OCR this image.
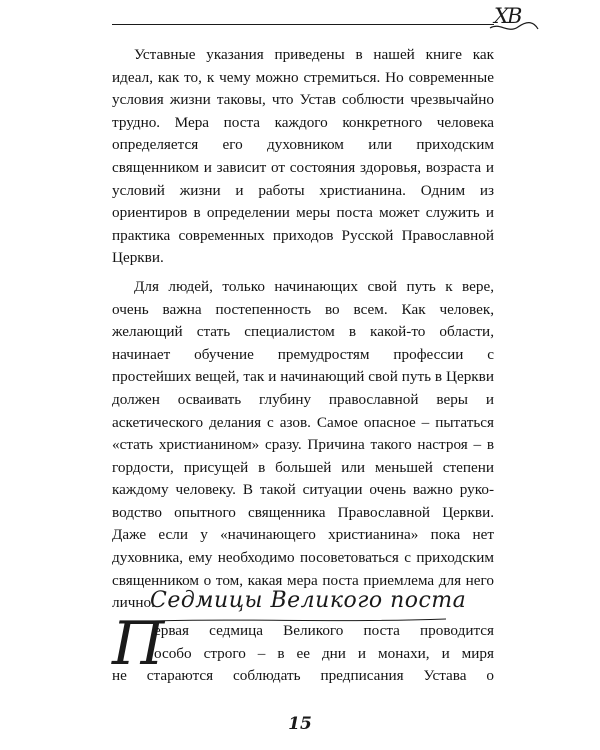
ХВ

Уставные указания приведены в нашей книге как идеал, как то, к чему можно стремиться. Но современные условия жизни таковы, что Устав соблюсти чрезвычайно трудно. Мера поста каждого конкретного человека определяется его духовником или приходским священником и зависит от состояния здоровья, возраста и условий жизни и работы христианина. Одним из ориентиров в определении меры поста может служить и практика современных приходов Русской Православной Церкви.

Для людей, только начинающих свой путь к вере, очень важна постепенность во всем. Как человек, желающий стать специалистом в какой-то области, начинает обучение премудростям профессии с простейших вещей, так и начинающий свой путь в Церкви должен осваивать глубину православной веры и аскетического делания с азов. Самое опасное – пытаться «стать христианином» сразу. Причина такого настроя – в гордости, присущей в большей или меньшей степени каждому человеку. В такой ситуации очень важно руководство опытного священника Православной Церкви. Даже если у «начинающего христианина» пока нет духовника, ему необходимо посоветоваться с приходским священником о том, какая мера поста приемлема для него лично.

Седмицы Великого поста
П
ервая седмица Великого поста проводится
особо строго – в ее дни и монахи, и миря
не стараются соблюдать предписания Устава о
15
